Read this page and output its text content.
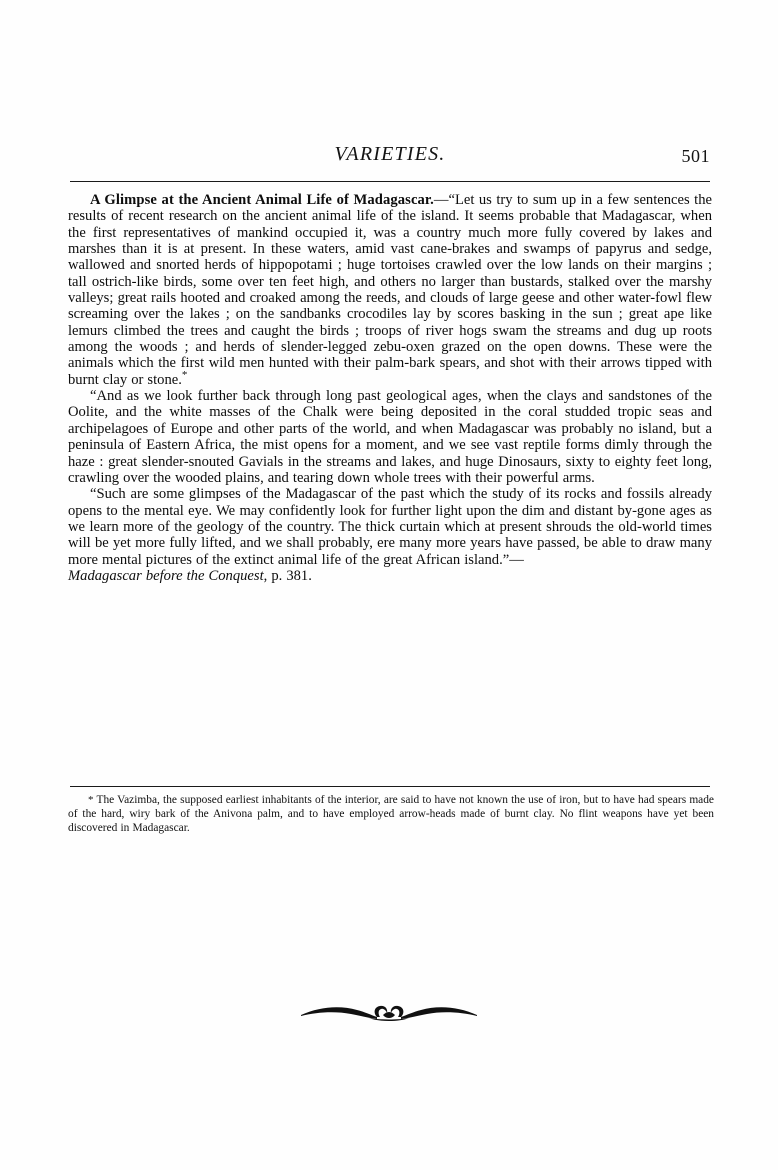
VARIETIES.	501

A Glimpse at the Ancient Animal Life of Madagascar.—“Let us try to sum up in a few sentences the results of recent research on the ancient animal life of the island. It seems probable that Madagascar, when the first representatives of mankind occupied it, was a country much more fully covered by lakes and marshes than it is at present. In these waters, amid vast cane-brakes and swamps of papyrus and sedge, wallowed and snorted herds of hippopotami ; huge tortoises crawled over the low lands on their margins ; tall ostrich-like birds, some over ten feet high, and others no larger than bustards, stalked over the marshy valleys; great rails hooted and croaked among the reeds, and clouds of large geese and other water-fowl flew screaming over the lakes ; on the sandbanks crocodiles lay by scores basking in the sun ; great ape like lemurs climbed the trees and caught the birds ; troops of river hogs swam the streams and dug up roots among the woods ; and herds of slender-legged zebu-oxen grazed on the open downs. These were the animals which the first wild men hunted with their palm-bark spears, and shot with their arrows tipped with burnt clay or stone.*

“And as we look further back through long past geological ages, when the clays and sandstones of the Oolite, and the white masses of the Chalk were being deposited in the coral studded tropic seas and archipelagoes of Europe and other parts of the world, and when Madagascar was probably no island, but a peninsula of Eastern Africa, the mist opens for a moment, and we see vast reptile forms dimly through the haze : great slender-snouted Gavials in the streams and lakes, and huge Dinosaurs, sixty to eighty feet long, crawling over the wooded plains, and tearing down whole trees with their powerful arms.

“Such are some glimpses of the Madagascar of the past which the study of its rocks and fossils already opens to the mental eye. We may confidently look for further light upon the dim and distant by-gone ages as we learn more of the geology of the country. The thick curtain which at present shrouds the old-world times will be yet more fully lifted, and we shall probably, ere many more years have passed, be able to draw many more mental pictures of the extinct animal life of the great African island.”—
Madagascar before the Conquest, p. 381.

* The Vazimba, the supposed earliest inhabitants of the interior, are said to have not known the use of iron, but to have had spears made of the hard, wiry bark of the Anivona palm, and to have employed arrow-heads made of burnt clay. No flint weapons have yet been discovered in Madagascar.
